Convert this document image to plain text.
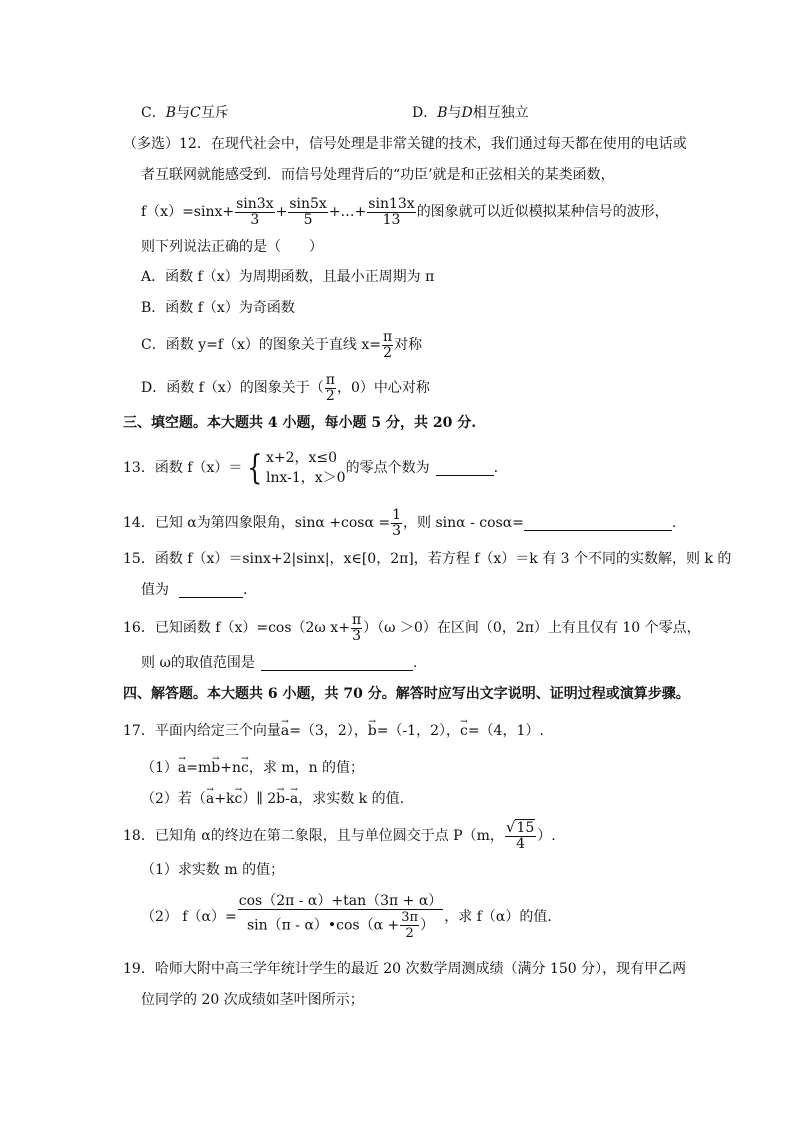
C．B与C互斥	D．B与D相互独立
（多选）12．在现代社会中，信号处理是非常关键的技术，我们通过每天都在使用的电话或
者互联网就能感受到．而信号处理背后的“功臣’就是和正弦相关的某类函数，
$f(x)=\sin x+ \frac{\sin 3x}{3} + \frac{\sin 5x}{5}$ +…+ $\frac{\sin 13x}{13}$ 的图象就可以近似模拟某种信号的波形，
则下列说法正确的是（　　）
A．函数 f（x）为周期函数，且最小正周期为 π
B．函数 f（x）为奇函数
C．函数 y=f（x）的图象关于直线 $x= \frac{\pi}{2}$ 对称
D．函数 f（x）的图象关于（ $\frac{\pi}{2}$ ，0）中心对称
三、填空题。本大题共 4 小题，每小题 5 分，共 20 分.
13．函数 f（x）＝ { x+2，x≤0
lnx-1，x＞0
的零点个数为	.
14．已知 α为第四象限角，$\sin\alpha +\cos\alpha = \frac{1}{3}$ ，则 sinα - cosα=	.
15．函数 f（x）＝sinx+2|sinx|，x∈[0，2π]，若方程 f（x）＝k 有 3 个不同的实数解，则 k 的
值为	.
16．已知函数 f（x）=cos（2ω $x+ \frac{\pi}{3} )(\omega >0)$在区间（0，2π）上有且仅有 10 个零点，
则 ω的取值范围是	.
四、解答题。本大题共 6 小题，共 70 分。解答时应写出文字说明、证明过程或演算步骤。
17．平面内给定三个向量→ a=（3，2），→ b=（-1，2），→ c=（4，1）.
（1）→ a=m→ b+n→ c，求 m，n 的值；
（2）若（→ a+k→ c）∥ 2→ b-→ a，求实数 k 的值.
18．已知角 α的终边在第二象限，且与单位圆交于点 P（m， $\frac{√15}{4}$ ）.
（1）求实数 m 的值；
（2） $f(\alpha)= \frac{\cos(2\pi - \alpha)+\tan(3\pi + \alpha)}{\sin(\pi - \alpha)•\cos(\alpha + \frac{3\pi}{2} )}$ ，求 f（α）的值.
19．哈师大附中高三学年统计学生的最近 20 次数学周测成绩（满分 150 分），现有甲乙两
位同学的 20 次成绩如茎叶图所示；
